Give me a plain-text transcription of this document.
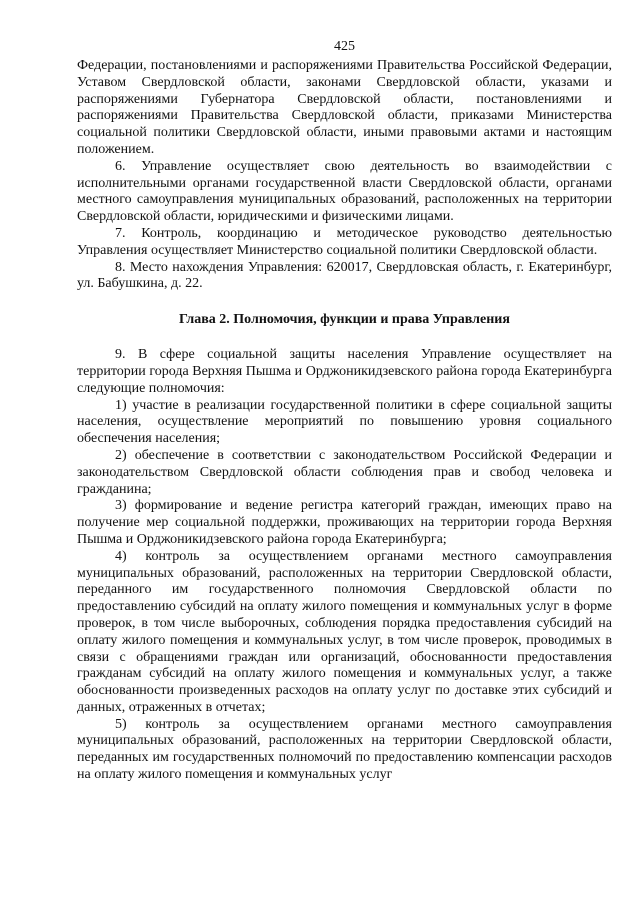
425

Федерации, постановлениями и распоряжениями Правительства Российской Федерации, Уставом Свердловской области, законами Свердловской области, указами и распоряжениями Губернатора Свердловской области, постановлениями и распоряжениями Правительства Свердловской области, приказами Министерства социальной политики Свердловской области, иными правовыми актами и настоящим положением.

6. Управление осуществляет свою деятельность во взаимодействии с исполнительными органами государственной власти Свердловской области, органами местного самоуправления муниципальных образований, расположенных на территории Свердловской области, юридическими и физическими лицами.

7. Контроль, координацию и методическое руководство деятельностью Управления осуществляет Министерство социальной политики Свердловской области.

8. Место нахождения Управления: 620017, Свердловская область, г. Екатеринбург, ул. Бабушкина, д. 22.

Глава 2. Полномочия, функции и права Управления

9. В сфере социальной защиты населения Управление осуществляет на территории города Верхняя Пышма и Орджоникидзевского района города Екатеринбурга следующие полномочия:

1) участие в реализации государственной политики в сфере социальной защиты населения, осуществление мероприятий по повышению уровня социального обеспечения населения;

2) обеспечение в соответствии с законодательством Российской Федерации и законодательством Свердловской области соблюдения прав и свобод человека и гражданина;

3) формирование и ведение регистра категорий граждан, имеющих право на получение мер социальной поддержки, проживающих на территории города Верхняя Пышма и Орджоникидзевского района города Екатеринбурга;

4) контроль за осуществлением органами местного самоуправления муниципальных образований, расположенных на территории Свердловской области, переданного им государственного полномочия Свердловской области по предоставлению субсидий на оплату жилого помещения и коммунальных услуг в форме проверок, в том числе выборочных, соблюдения порядка предоставления субсидий на оплату жилого помещения и коммунальных услуг, в том числе проверок, проводимых в связи с обращениями граждан или организаций, обоснованности предоставления гражданам субсидий на оплату жилого помещения и коммунальных услуг, а также обоснованности произведенных расходов на оплату услуг по доставке этих субсидий и данных, отраженных в отчетах;

5) контроль за осуществлением органами местного самоуправления муниципальных образований, расположенных на территории Свердловской области, переданных им государственных полномочий по предоставлению компенсации расходов на оплату жилого помещения и коммунальных услуг
